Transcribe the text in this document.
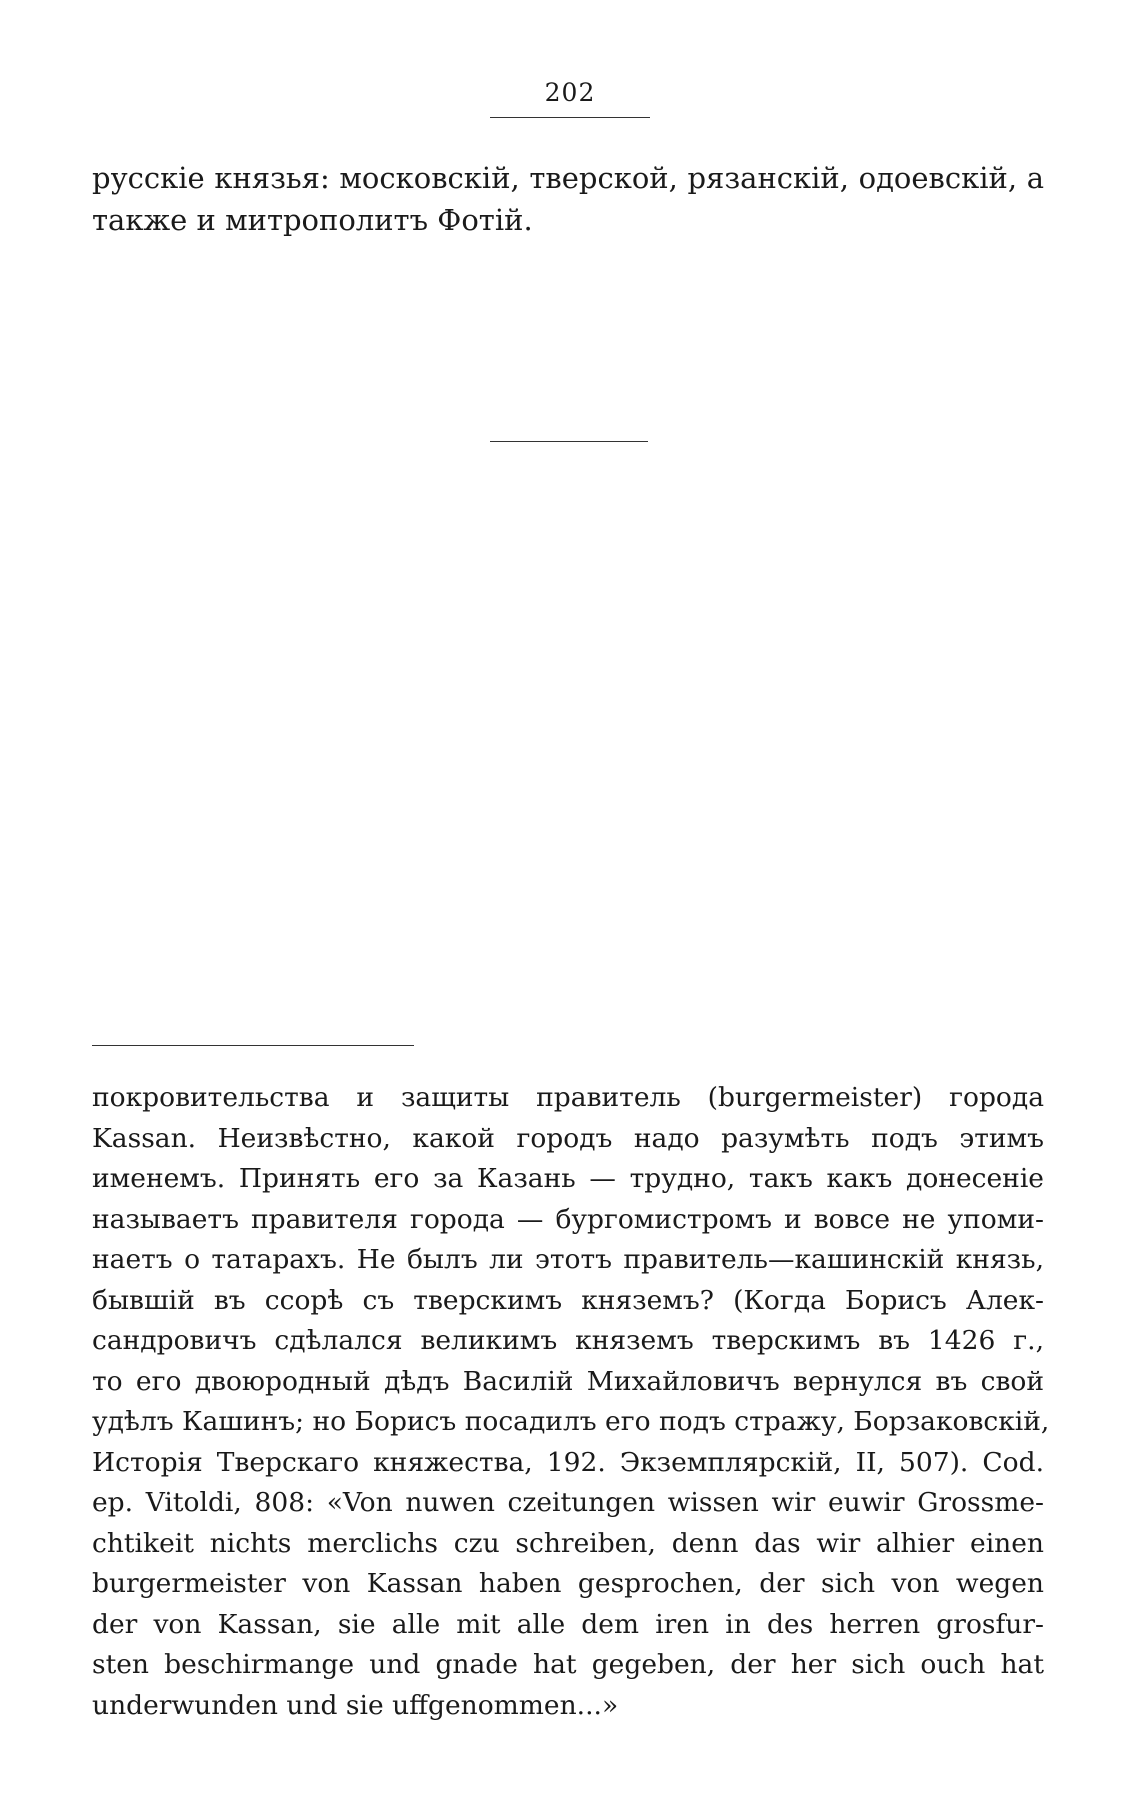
202
русскіе князья: московскій, тверской, рязанскій, одоевскій, а
также и митрополитъ Фотій.
покровительства и защиты правитель (burgermeister) города
Kassan. Неизвѣстно, какой городъ надо разумѣть подъ этимъ
именемъ. Принять его за Казань — трудно, такъ какъ донесеніе
называетъ правителя города — бургомистромъ и вовсе не упоми-
наетъ о татарахъ. Не былъ ли этотъ правитель—кашинскій князь,
бывшій въ ссорѣ съ тверскимъ княземъ? (Когда Борисъ Алек-
сандровичъ сдѣлался великимъ княземъ тверскимъ въ 1426 г.,
то его двоюродный дѣдъ Василій Михайловичъ вернулся въ свой
удѣлъ Кашинъ; но Борисъ посадилъ его подъ стражу, Борзаковскій,
Исторія Тверскаго княжества, 192. Экземплярскій, II, 507). Cod.
ep. Vitoldi, 808: «Von nuwen czeitungen wissen wir euwir Grossme-
chtikeit nichts merclichs czu schreiben, denn das wir alhier einen
burgermeister von Kassan haben gesprochen, der sich von wegen
der von Kassan, sie alle mit alle dem iren in des herren grosfur-
sten beschirmange und gnade hat gegeben, der her sich ouch hat
underwunden und sie uffgenommen...»
